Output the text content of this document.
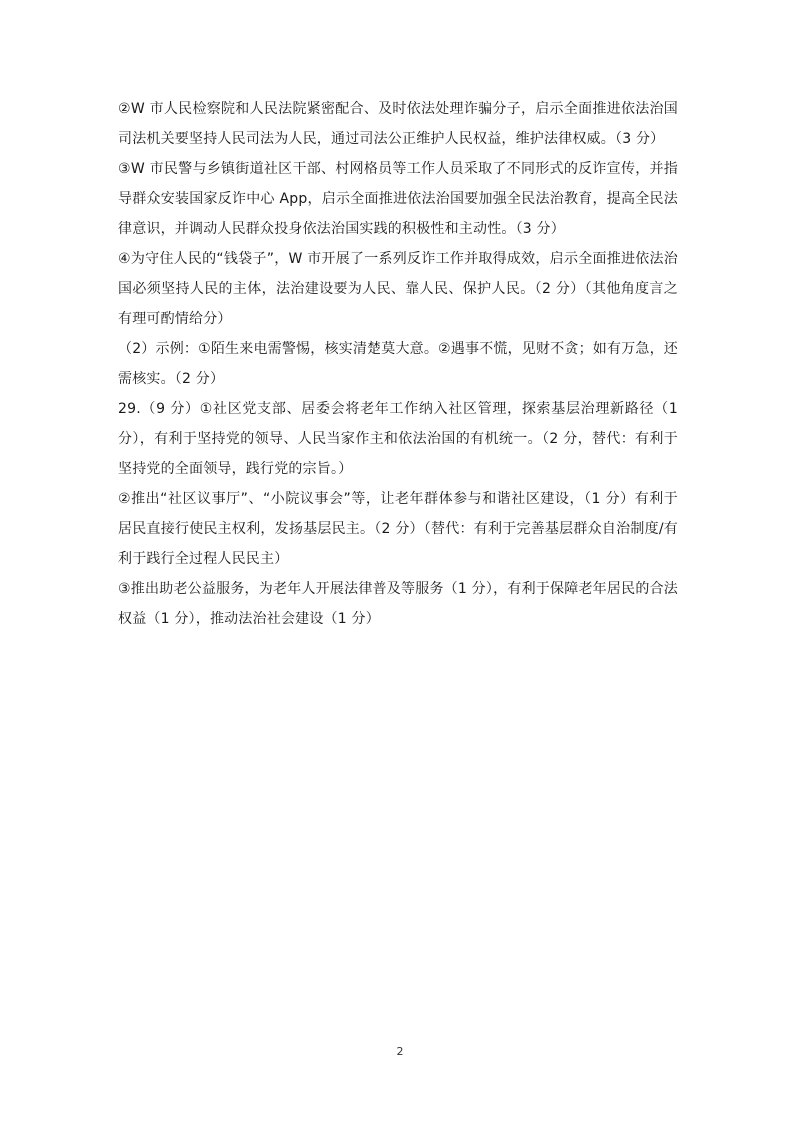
②W 市人民检察院和人民法院紧密配合、及时依法处理诈骗分子，启示全面推进依法治国司法机关要坚持人民司法为人民，通过司法公正维护人民权益，维护法律权威。（3 分）

③W 市民警与乡镇街道社区干部、村网格员等工作人员采取了不同形式的反诈宣传，并指导群众安装国家反诈中心 App，启示全面推进依法治国要加强全民法治教育，提高全民法律意识，并调动人民群众投身依法治国实践的积极性和主动性。（3 分）

④为守住人民的“钱袋子”，W 市开展了一系列反诈工作并取得成效，启示全面推进依法治国必须坚持人民的主体，法治建设要为人民、靠人民、保护人民。（2 分）（其他角度言之有理可酌情给分）

（2）示例：①陌生来电需警惕，核实清楚莫大意。②遇事不慌，见财不贪；如有万急，还需核实。（2 分）

29.（9 分）①社区党支部、居委会将老年工作纳入社区管理，探索基层治理新路径（1 分），有利于坚持党的领导、人民当家作主和依法治国的有机统一。（2 分，替代：有利于坚持党的全面领导，践行党的宗旨。）

②推出“社区议事厅”、“小院议事会”等，让老年群体参与和谐社区建设，（1 分）有利于居民直接行使民主权利，发扬基层民主。（2 分）（替代：有利于完善基层群众自治制度/有利于践行全过程人民民主）

③推出助老公益服务，为老年人开展法律普及等服务（1 分），有利于保障老年居民的合法权益（1 分），推动法治社会建设（1 分）

2
